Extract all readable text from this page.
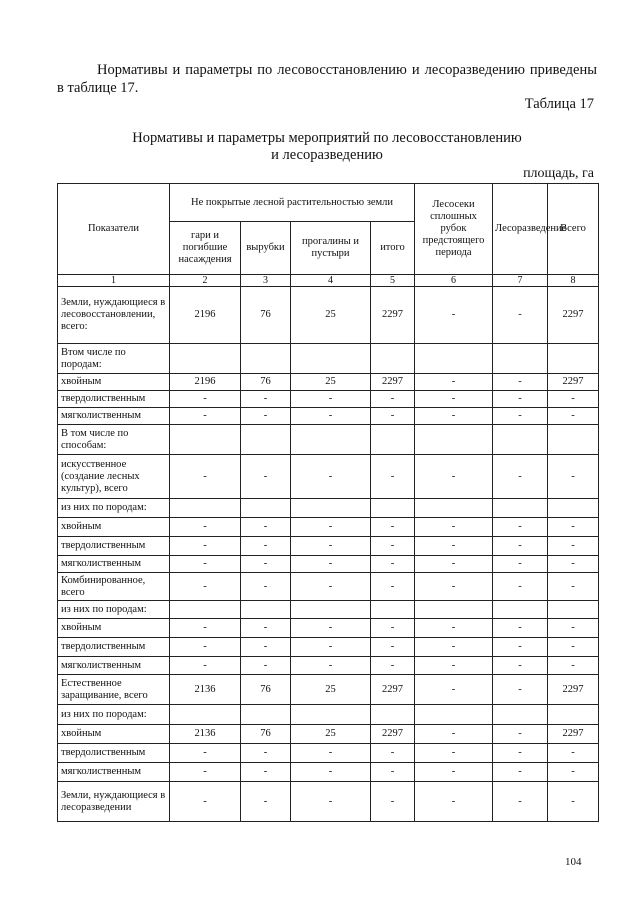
Нормативы и параметры по лесовосстановлению и лесоразведению приведены в таблице 17.

Таблица 17

Нормативы и параметры мероприятий по лесовосстановлению
и лесоразведению

площадь, га

Показатели	Не покрытые лесной растительностью земли				Лесосеки сплошных рубок предстоящего периода	Лесоразведение	Всего
	гари и погибшие насаждения	вырубки	прогалины и пустыри	итого			
1	2	3	4	5	6	7	8
Земли, нуждающиеся в лесовосстановлении, всего:	2196	76	25	2297	-	-	2297
Втом числе по породам:							
хвойным	2196	76	25	2297	-	-	2297
твердолиственным	-	-	-	-	-	-	-
мягколиственным	-	-	-	-	-	-	-
В том числе по способам:							
искусственное (создание лесных культур), всего	-	-	-	-	-	-	-
из них по породам:							
хвойным	-	-	-	-	-	-	-
твердолиственным	-	-	-	-	-	-	-
мягколиственным	-	-	-	-	-	-	-
Комбинированное, всего	-	-	-	-	-	-	-
из них по породам:							
хвойным	-	-	-	-	-	-	-
твердолиственным	-	-	-	-	-	-	-
мягколиственным	-	-	-	-	-	-	-
Естественное заращивание, всего	2136	76	25	2297	-	-	2297
из них по породам:							
хвойным	2136	76	25	2297	-	-	2297
твердолиственным	-	-	-	-	-	-	-
мягколиственным	-	-	-	-	-	-	-
Земли, нуждающиеся в лесоразведении	-	-	-	-	-	-	-

104
